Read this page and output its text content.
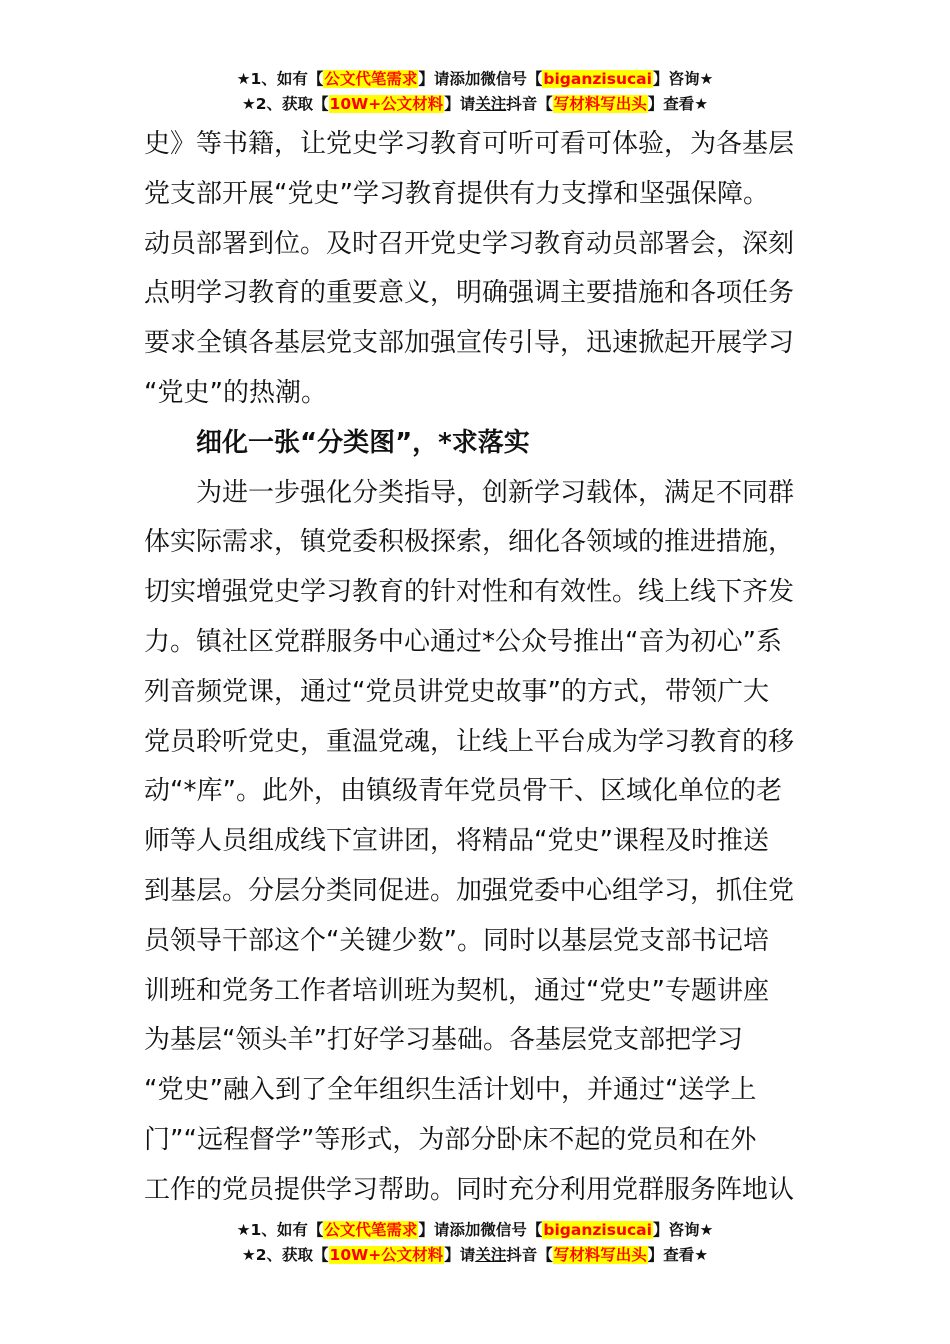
★1、如有【公文代笔需求】请添加微信号【biganzisucai】咨询★
★2、获取【10W+公文材料】请关注抖音【写材料写出头】查看★
史》等书籍，让党史学习教育可听可看可体验，为各基层
党支部开展“党史”学习教育提供有力支撑和坚强保障。
动员部署到位。及时召开党史学习教育动员部署会，深刻
点明学习教育的重要意义，明确强调主要措施和各项任务
要求全镇各基层党支部加强宣传引导，迅速掀起开展学习
“党史”的热潮。
　　细化一张“分类图”，*求落实
　　为进一步强化分类指导，创新学习载体，满足不同群
体实际需求，镇党委积极探索，细化各领域的推进措施，
切实增强党史学习教育的针对性和有效性。线上线下齐发
力。镇社区党群服务中心通过*公众号推出“音为初心”系
列音频党课，通过“党员讲党史故事”的方式，带领广大
党员聆听党史，重温党魂，让线上平台成为学习教育的移
动“*库”。此外，由镇级青年党员骨干、区域化单位的老
师等人员组成线下宣讲团，将精品“党史”课程及时推送
到基层。分层分类同促进。加强党委中心组学习，抓住党
员领导干部这个“关键少数”。同时以基层党支部书记培
训班和党务工作者培训班为契机，通过“党史”专题讲座
为基层“领头羊”打好学习基础。各基层党支部把学习
“党史”融入到了全年组织生活计划中，并通过“送学上
门”“远程督学”等形式，为部分卧床不起的党员和在外
工作的党员提供学习帮助。同时充分利用党群服务阵地认
★1、如有【公文代笔需求】请添加微信号【biganzisucai】咨询★
★2、获取【10W+公文材料】请关注抖音【写材料写出头】查看★
